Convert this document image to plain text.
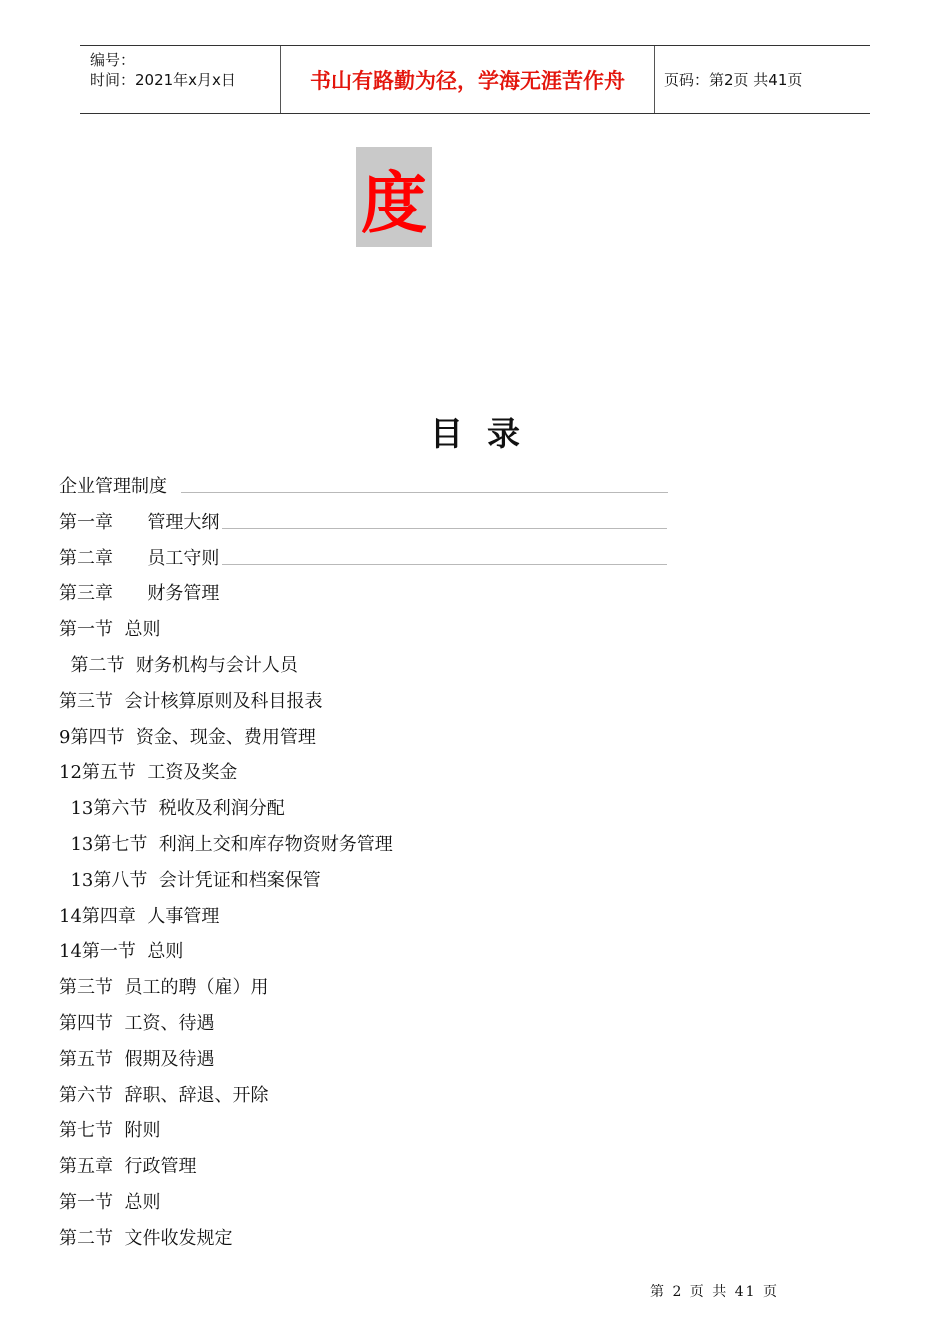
编号：
时间：2021年x月x日	书山有路勤为径，学海无涯苦作舟	页码：第2页 共41页
度
目录
企业管理制度
第一章      管理大纲
第二章      员工守则
第三章      财务管理
第一节  总则
第二节  财务机构与会计人员
第三节  会计核算原则及科目报表
9第四节  资金、现金、费用管理
12第五节  工资及奖金
13第六节  税收及利润分配
13第七节  利润上交和库存物资财务管理
13第八节  会计凭证和档案保管
14第四章  人事管理
14第一节  总则
第三节  员工的聘（雇）用
第四节  工资、待遇
第五节  假期及待遇
第六节  辞职、辞退、开除
第七节  附则
第五章  行政管理
第一节  总则
第二节  文件收发规定
第 2 页 共 41 页
